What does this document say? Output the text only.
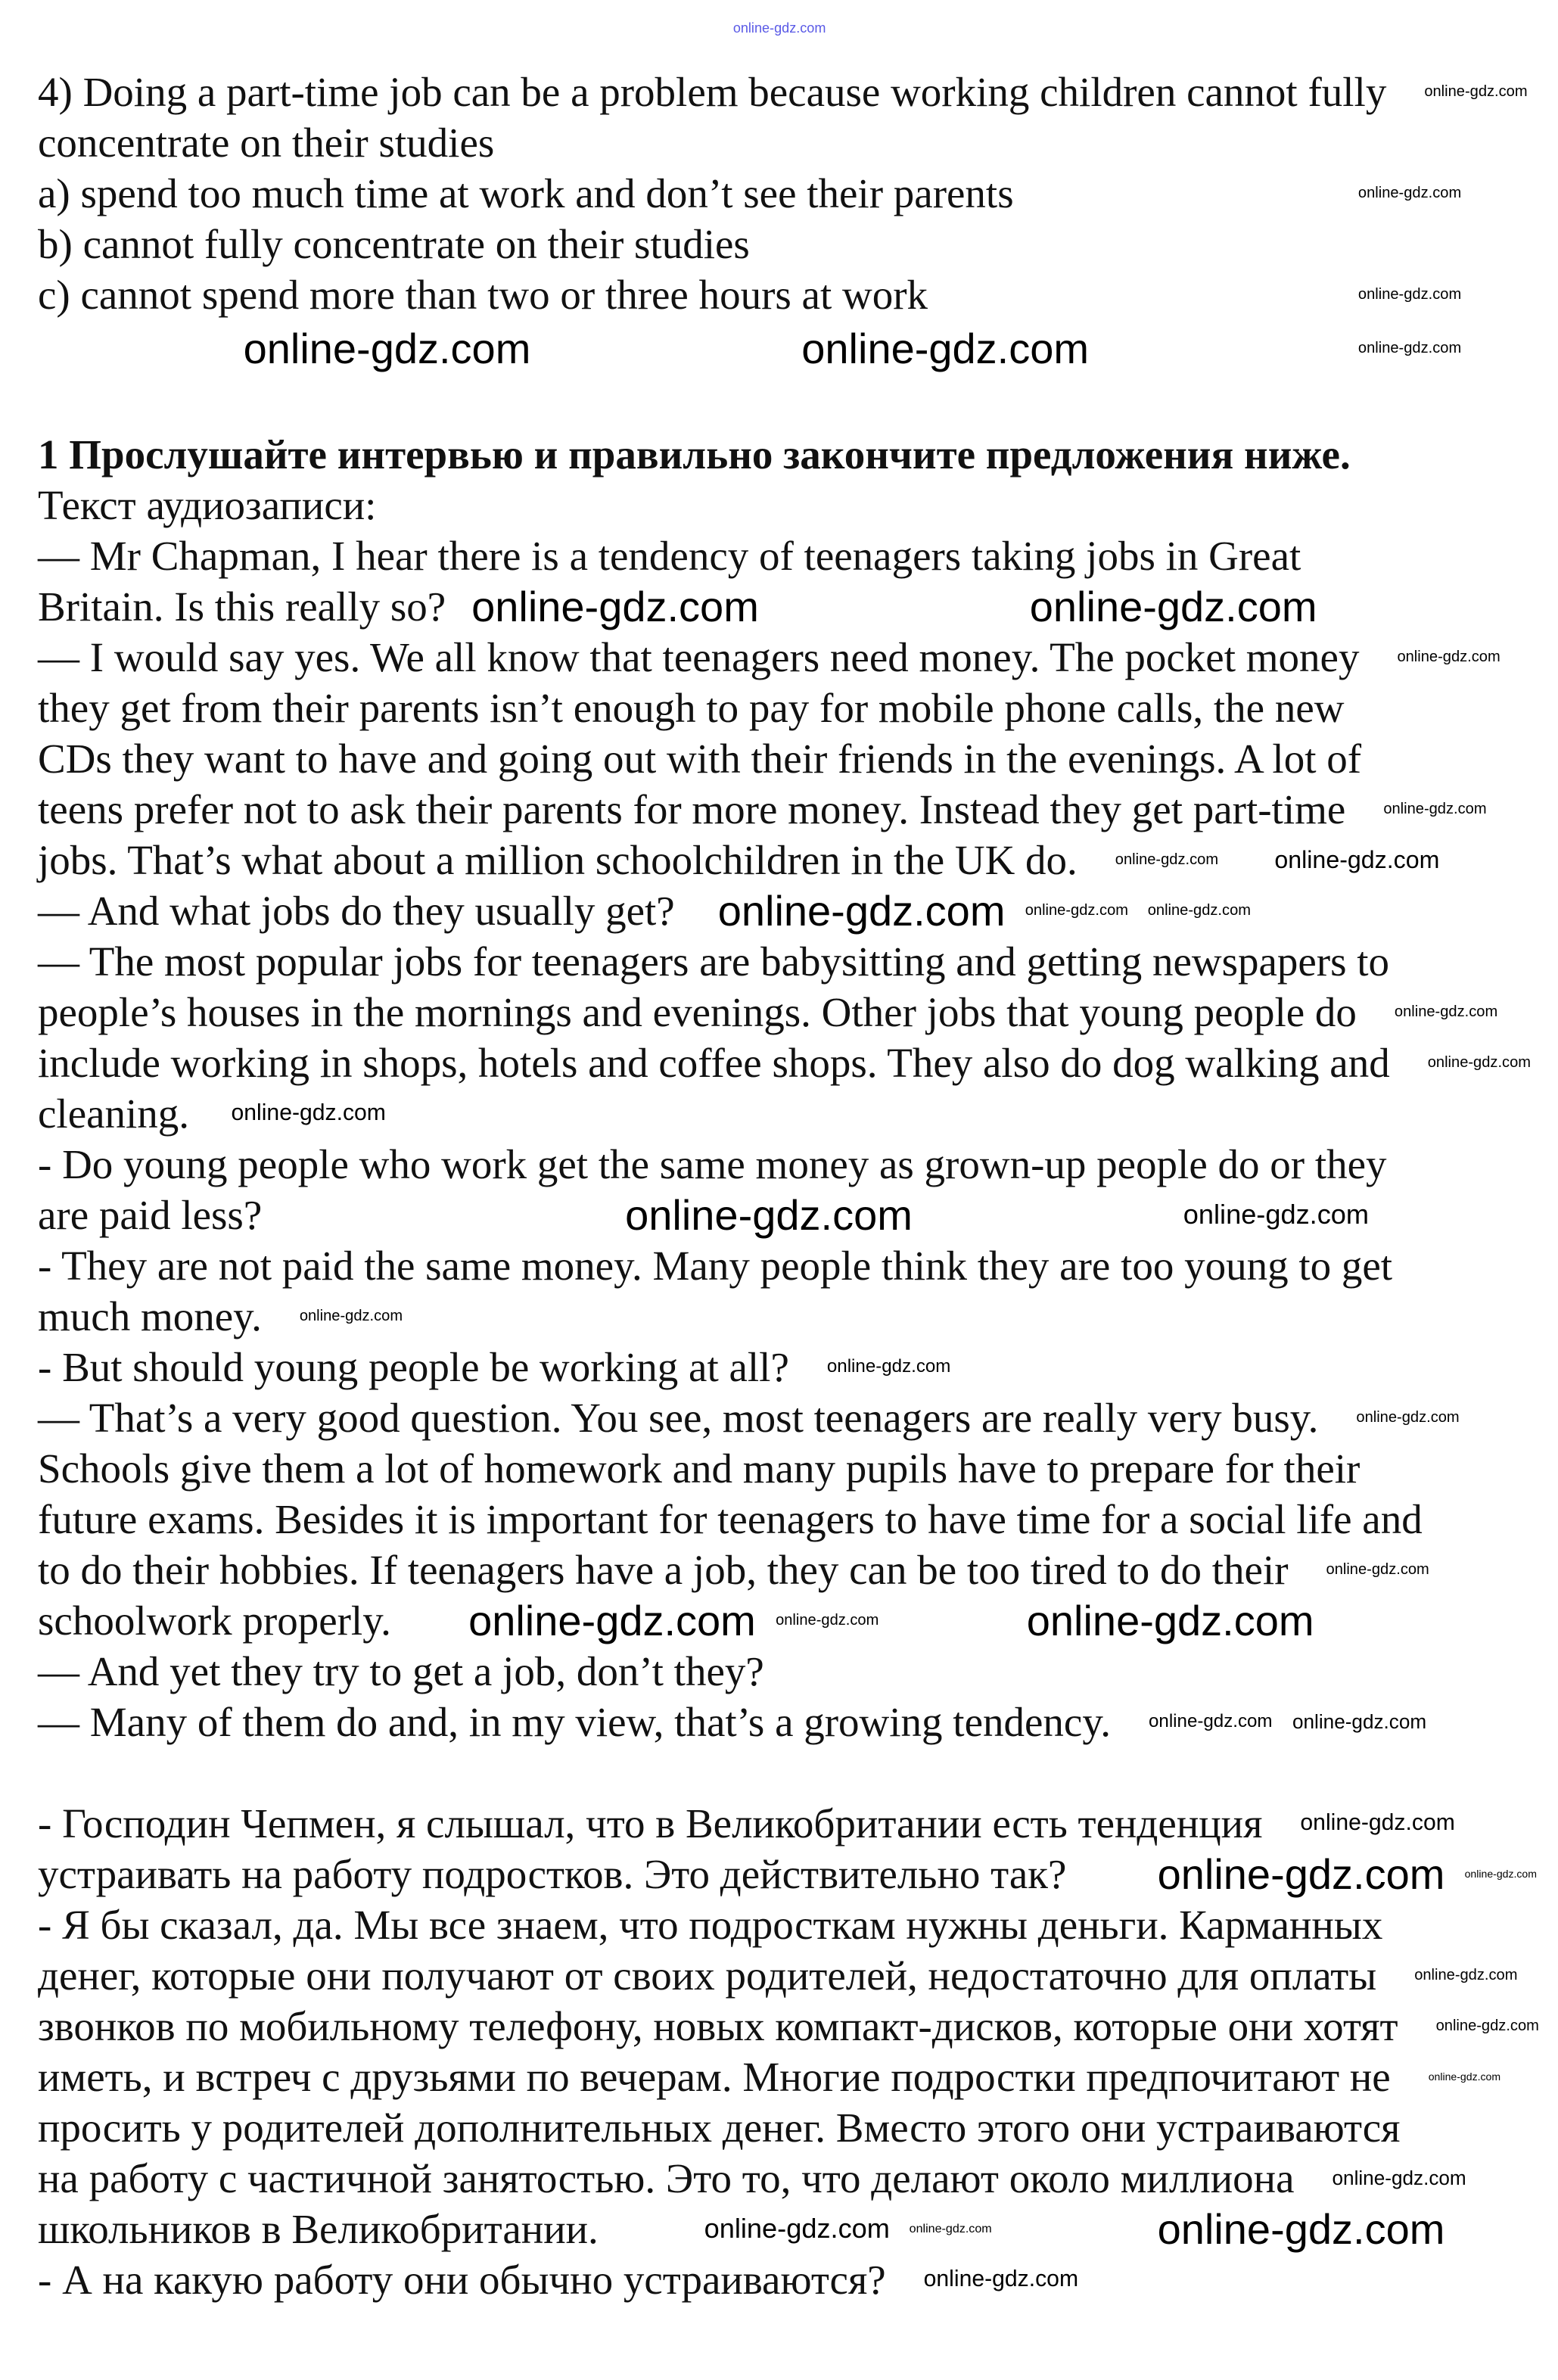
4) Doing a part-time job can be a problem because working children cannot fully
concentrate on their studies
a) spend too much time at work and don’t see their parents
b) cannot fully concentrate on their studies
c) cannot spend more than two or three hours at work
1 Прослушайте интервью и правильно закончите предложения ниже.
Текст аудиозаписи:
— Mr Chapman, I hear there is a tendency of teenagers taking jobs in Great
Britain. Is this really so?
— I would say yes. We all know that teenagers need money. The pocket money
they get from their parents isn’t enough to pay for mobile phone calls, the new
CDs they want to have and going out with their friends in the evenings. A lot of
teens prefer not to ask their parents for more money. Instead they get part-time
jobs. That’s what about a million schoolchildren in the UK do.
— And what jobs do they usually get?
— The most popular jobs for teenagers are babysitting and getting newspapers to
people’s houses in the mornings and evenings. Other jobs that young people do
include working in shops, hotels and coffee shops. They also do dog walking and
cleaning.
- Do young people who work get the same money as grown-up people do or they
are paid less?
- They are not paid the same money. Many people think they are too young to get
much money.
- But should young people be working at all?
— That’s a very good question. You see, most teenagers are really very busy.
Schools give them a lot of homework and many pupils have to prepare for their
future exams. Besides it is important for teenagers to have time for a social life and
to do their hobbies. If teenagers have a job, they can be too tired to do their
schoolwork properly.
— And yet they try to get a job, don’t they?
— Many of them do and, in my view, that’s a growing tendency.
- Господин Чепмен, я слышал, что в Великобритании есть тенденция
устраивать на работу подростков. Это действительно так?
- Я бы сказал, да. Мы все знаем, что подросткам нужны деньги. Карманных
денег, которые они получают от своих родителей, недостаточно для оплаты
звонков по мобильному телефону, новых компакт-дисков, которые они хотят
иметь, и встреч с друзьями по вечерам. Многие подростки предпочитают не
просить у родителей дополнительных денег. Вместо этого они устраиваются
на работу с частичной занятостью. Это то, что делают около миллиона
школьников в Великобритании.
- А на какую работу они обычно устраиваются?
online-gdz.com
online-gdz.com	online-gdz.com
online-gdz.com	online-gdz.com
online-gdz.com
online-gdz.com
online-gdz.com	online-gdz.com
online-gdz.com
online-gdz.com
online-gdz.com
online-gdz.com
online-gdz.com
online-gdz.com
online-gdz.com
online-gdz.com
online-gdz.com
online-gdz.com
online-gdz.com
online-gdz.com
online-gdz.com
online-gdz.com
online-gdz.com
online-gdz.com online-gdz.com
online-gdz.com
online-gdz.com
online-gdz.com
online-gdz.com
online-gdz.com
online-gdz.com
online-gdz.com
online-gdz.com online-gdz.com
online-gdz.com
online-gdz.com
online-gdz.com
online-gdz.com
online-gdz.com
online-gdz.com
